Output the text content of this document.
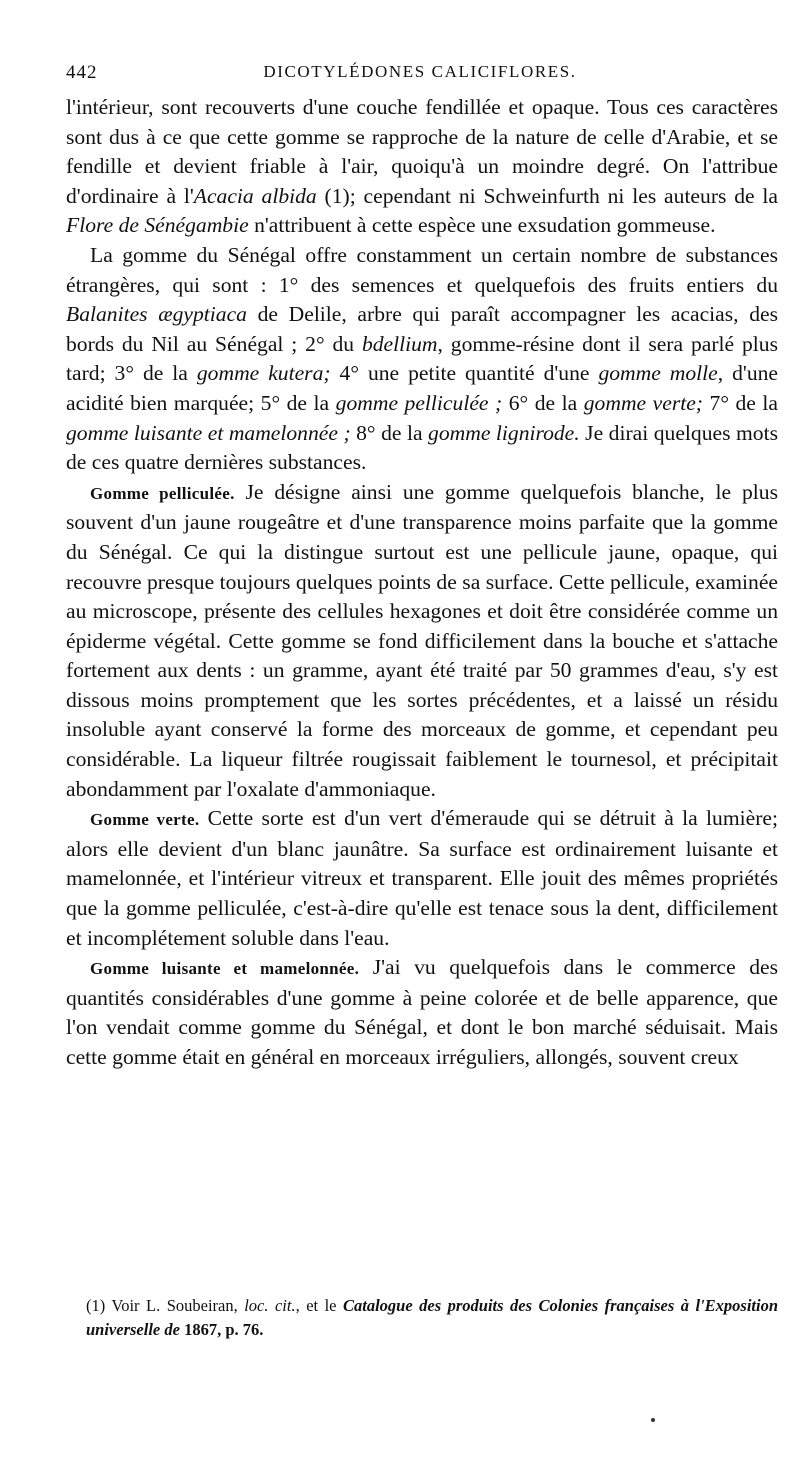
442	DICOTYLÉDONES CALICIFLORES.

l'intérieur, sont recouverts d'une couche fendillée et opaque. Tous ces caractères sont dus à ce que cette gomme se rapproche de la nature de celle d'Arabie, et se fendille et devient friable à l'air, quoiqu'à un moindre degré. On l'attribue d'ordinaire à l'Acacia albida (1); cependant ni Schweinfurth ni les auteurs de la Flore de Sénégambie n'attribuent à cette espèce une exsudation gommeuse.

La gomme du Sénégal offre constamment un certain nombre de substances étrangères, qui sont : 1° des semences et quelquefois des fruits entiers du Balanites ægyptiaca de Delile, arbre qui paraît accompagner les acacias, des bords du Nil au Sénégal ; 2° du bdellium, gomme-résine dont il sera parlé plus tard; 3° de la gomme kutera; 4° une petite quantité d'une gomme molle, d'une acidité bien marquée; 5° de la gomme pelliculée ; 6° de la gomme verte; 7° de la gomme luisante et mamelonnée ; 8° de la gomme lignirode. Je dirai quelques mots de ces quatre dernières substances.

Gomme pelliculée. Je désigne ainsi une gomme quelquefois blanche, le plus souvent d'un jaune rougeâtre et d'une transparence moins parfaite que la gomme du Sénégal. Ce qui la distingue surtout est une pellicule jaune, opaque, qui recouvre presque toujours quelques points de sa surface. Cette pellicule, examinée au microscope, présente des cellules hexagones et doit être considérée comme un épiderme végétal. Cette gomme se fond difficilement dans la bouche et s'attache fortement aux dents : un gramme, ayant été traité par 50 grammes d'eau, s'y est dissous moins promptement que les sortes précédentes, et a laissé un résidu insoluble ayant conservé la forme des morceaux de gomme, et cependant peu considérable. La liqueur filtrée rougissait faiblement le tournesol, et précipitait abondamment par l'oxalate d'ammoniaque.

Gomme verte. Cette sorte est d'un vert d'émeraude qui se détruit à la lumière; alors elle devient d'un blanc jaunâtre. Sa surface est ordinairement luisante et mamelonnée, et l'intérieur vitreux et transparent. Elle jouit des mêmes propriétés que la gomme pelliculée, c'est-à-dire qu'elle est tenace sous la dent, difficilement et incomplétement soluble dans l'eau.

Gomme luisante et mamelonnée. J'ai vu quelquefois dans le commerce des quantités considérables d'une gomme à peine colorée et de belle apparence, que l'on vendait comme gomme du Sénégal, et dont le bon marché séduisait. Mais cette gomme était en général en morceaux irréguliers, allongés, souvent creux

(1) Voir L. Soubeiran, loc. cit., et le Catalogue des produits des Colonies françaises à l'Exposition universelle de 1867, p. 76.
